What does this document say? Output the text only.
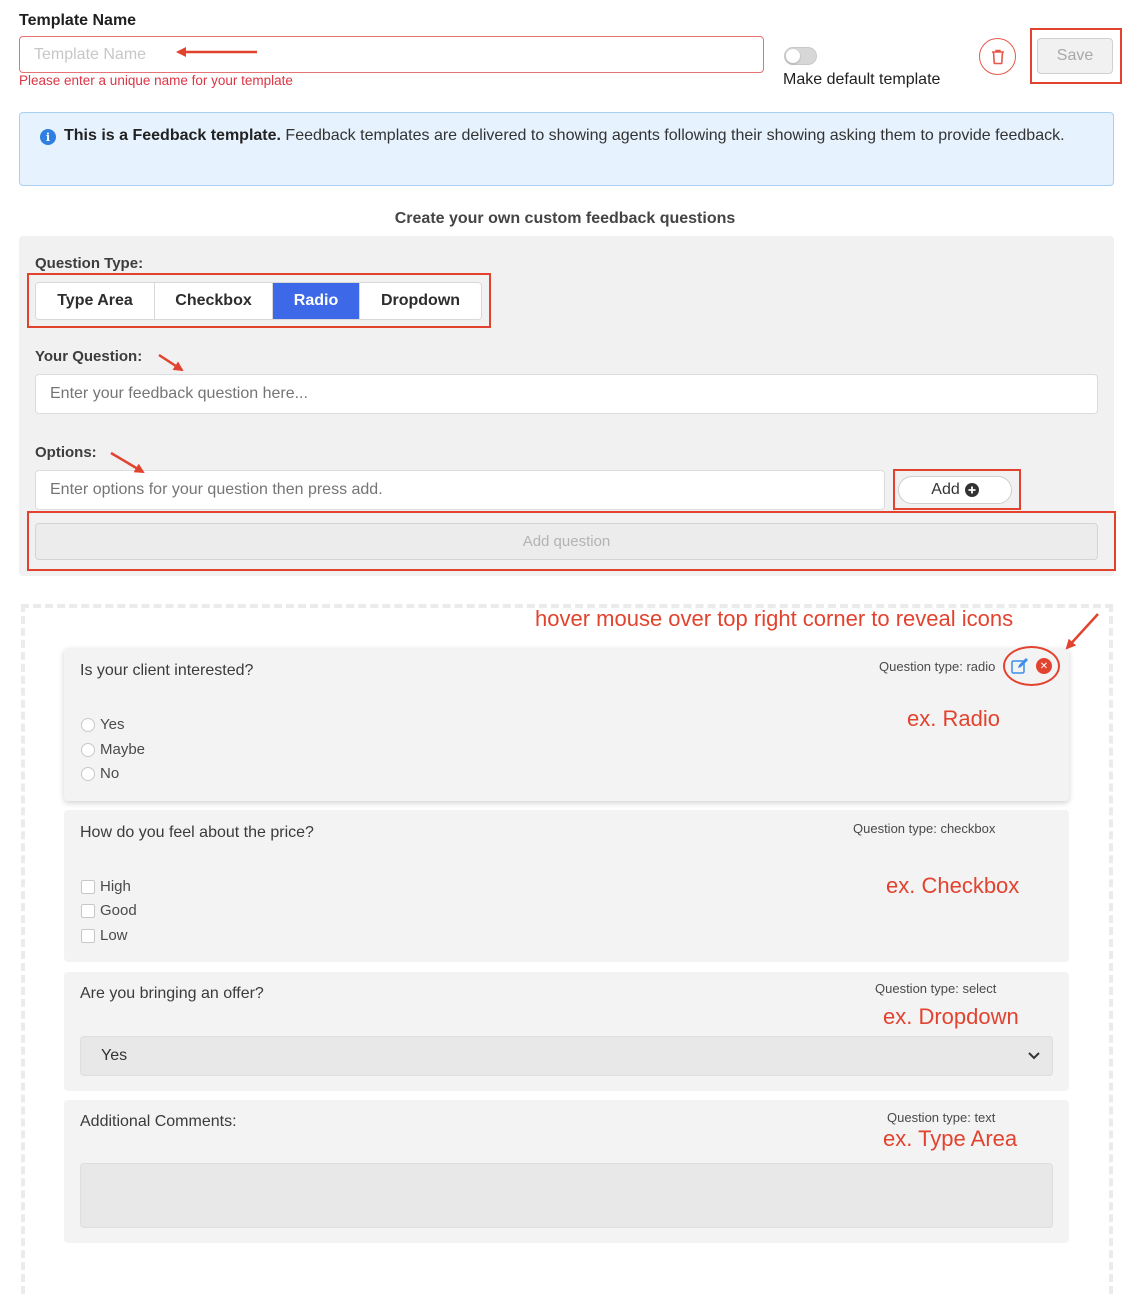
Template Name
Template Name
Please enter a unique name for your template	Make default template
Save
i This is a Feedback template. Feedback templates are delivered to showing agents following their showing asking them to provide feedback.
Create your own custom feedback questions
Question Type:
Type Area	Checkbox	Radio	Dropdown
Your Question:
Enter your feedback question here...
Options:
Enter options for your question then press add.
Add
Add question
hover mouse over top right corner to reveal icons
Is your client interested?	Question type: radio	✕
ex. Radio
Yes
Maybe
No
How do you feel about the price?	Question type: checkbox
ex. Checkbox
High
Good
Low
Are you bringing an offer?	Question type: select
ex. Dropdown
Yes
Additional Comments:	Question type: text
ex. Type Area
